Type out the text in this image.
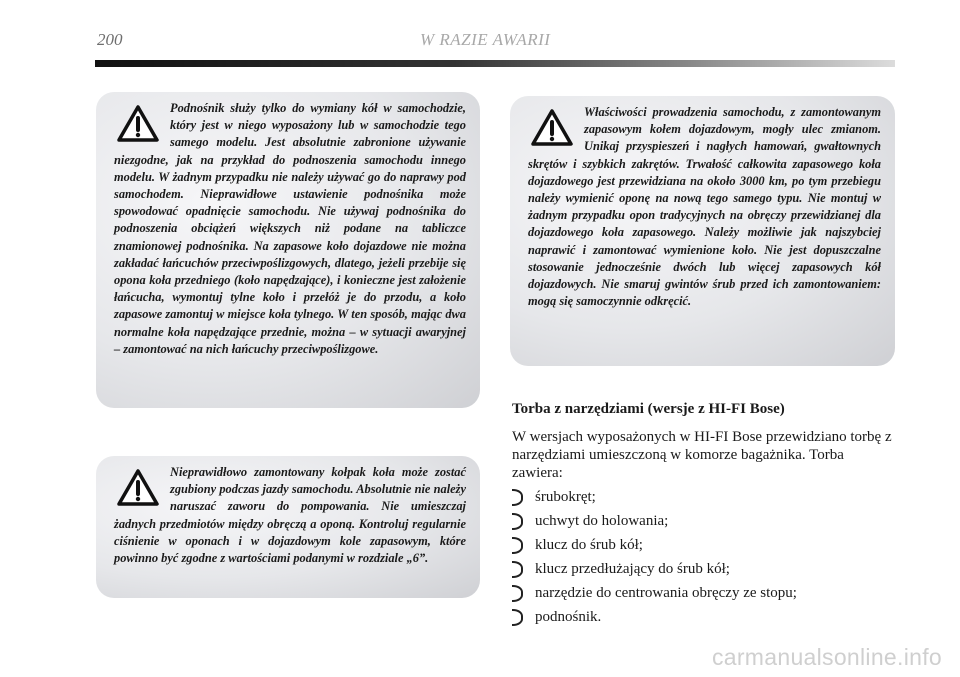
200	W RAZIE AWARII
Podnośnik służy tylko do wymiany kół w samochodzie, który jest w niego wyposażony lub w samochodzie tego samego modelu. Jest absolutnie zabronione używanie niezgodne, jak na przykład do podnoszenia samochodu innego modelu. W żadnym przypadku nie należy używać go do naprawy pod samochodem. Nieprawidłowe ustawienie podnośnika może spowodować opadnięcie samochodu. Nie używaj podnośnika do podnoszenia obciążeń większych niż podane na tabliczce znamionowej podnośnika. Na zapasowe koło dojazdowe nie można zakładać łańcuchów przeciwpoślizgowych, dlatego, jeżeli przebije się opona koła przedniego (koło napędzające), i konieczne jest założenie łańcucha, wymontuj tylne koło i przełóż je do przodu, a koło zapasowe zamontuj w miejsce koła tylnego. W ten sposób, mając dwa normalne koła napędzające przednie, można – w sytuacji awaryjnej – zamontować na nich łańcuchy przeciwpoślizgowe.
Właściwości prowadzenia samochodu, z zamontowanym zapasowym kołem dojazdowym, mogły ulec zmianom. Unikaj przyspieszeń i nagłych hamowań, gwałtownych skrętów i szybkich zakrętów. Trwałość całkowita zapasowego koła dojazdowego jest przewidziana na około 3000 km, po tym przebiegu należy wymienić oponę na nową tego samego typu. Nie montuj w żadnym przypadku opon tradycyjnych na obręczy przewidzianej dla dojazdowego koła zapasowego. Należy możliwie jak najszybciej naprawić i zamontować wymienione koło. Nie jest dopuszczalne stosowanie jednocześnie dwóch lub więcej zapasowych kół dojazdowych. Nie smaruj gwintów śrub przed ich zamontowaniem: mogą się samoczynnie odkręcić.
Nieprawidłowo zamontowany kołpak koła może zostać zgubiony podczas jazdy samochodu. Absolutnie nie należy naruszać zaworu do pompowania. Nie umieszczaj żadnych przedmiotów między obręczą a oponą. Kontroluj regularnie ciśnienie w oponach i w dojazdowym kole zapasowym, które powinno być zgodne z wartościami podanymi w rozdziale „6”.
Torba z narzędziami (wersje z HI-FI Bose)

W wersjach wyposażonych w HI-FI Bose przewidziano torbę z narzędziami umieszczoną w komorze bagażnika. Torba zawiera:

śrubokręt;
uchwyt do holowania;
klucz do śrub kół;
klucz przedłużający do śrub kół;
narzędzie do centrowania obręczy ze stopu;
podnośnik.
carmanualsonline.info
